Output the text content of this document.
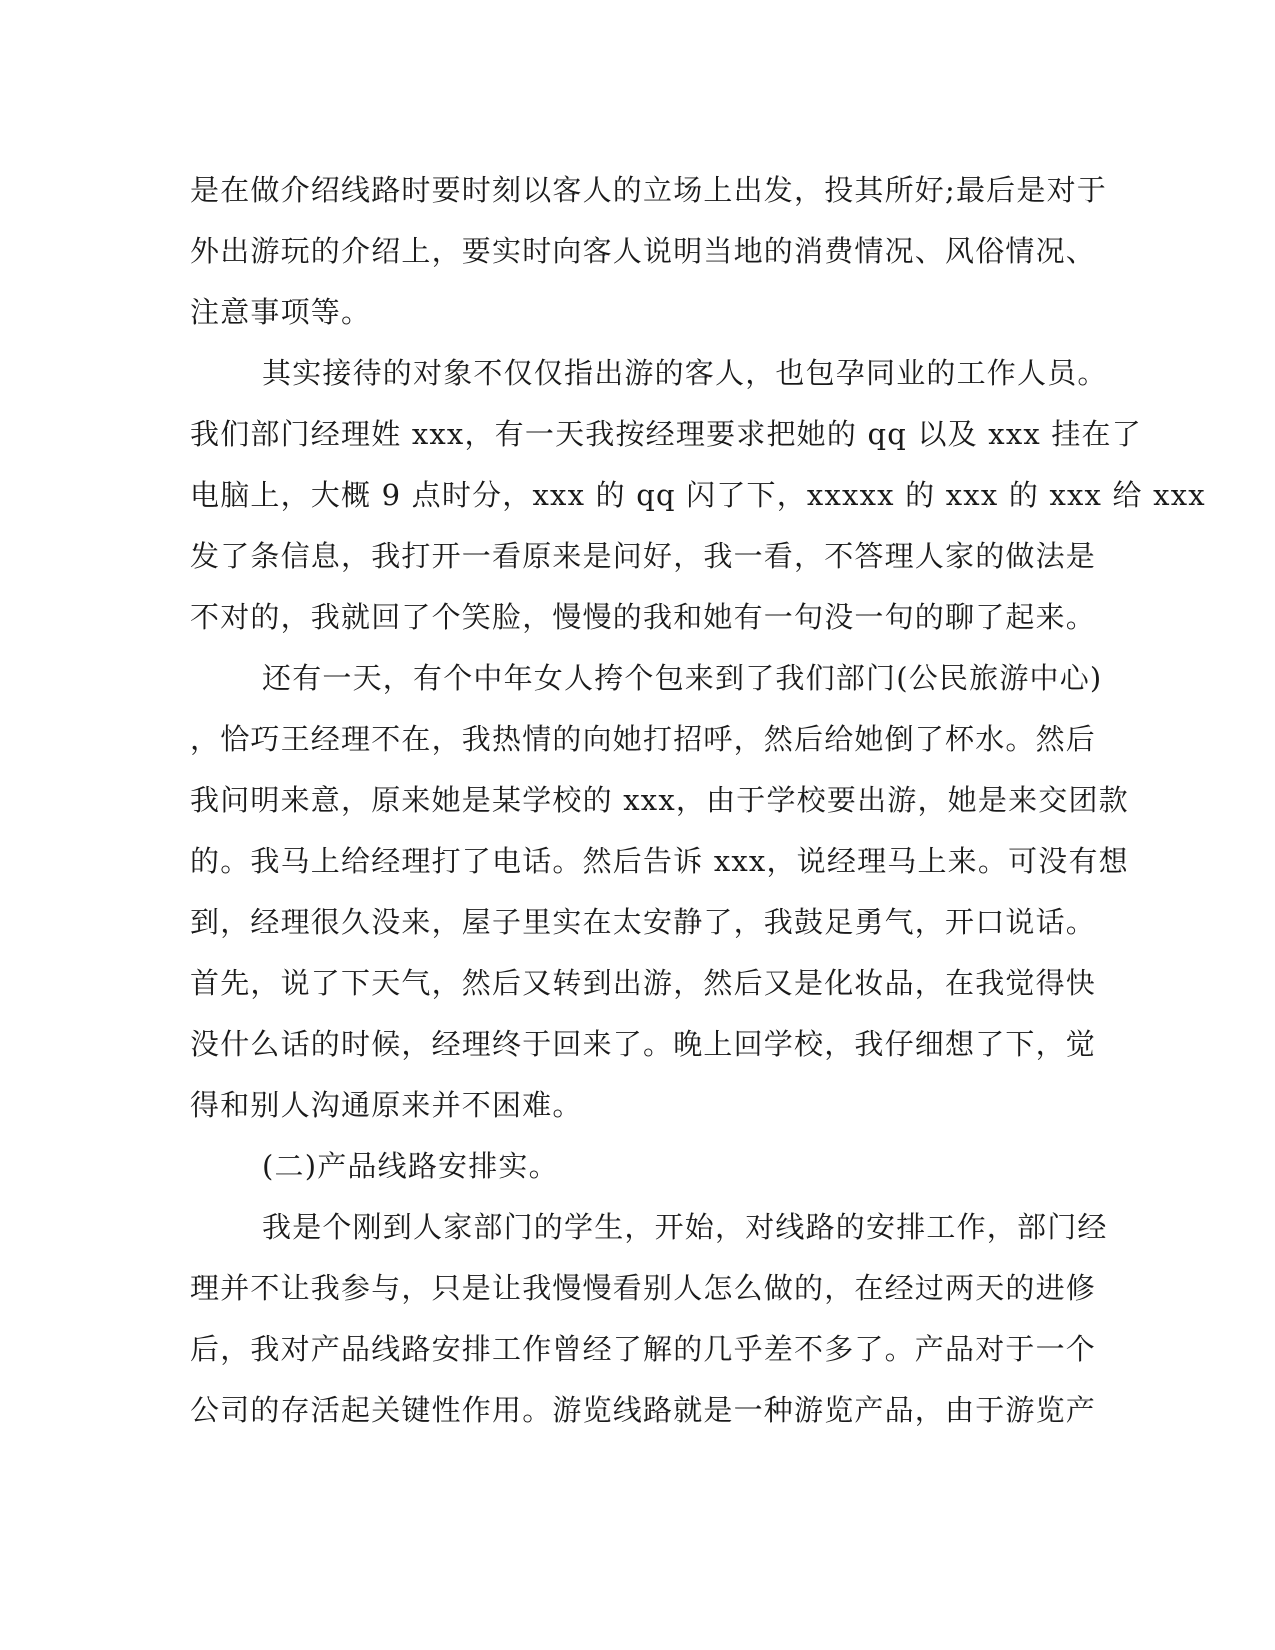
是在做介绍线路时要时刻以客人的立场上出发，投其所好;最后是对于
外出游玩的介绍上，要实时向客人说明当地的消费情况、风俗情况、
注意事项等。
其实接待的对象不仅仅指出游的客人，也包孕同业的工作人员。
我们部门经理姓 xxx，有一天我按经理要求把她的 qq 以及 xxx 挂在了
电脑上，大概 9 点时分，xxx 的 qq 闪了下，xxxxx 的 xxx 的 xxx 给 xxx
发了条信息，我打开一看原来是问好，我一看，不答理人家的做法是
不对的，我就回了个笑脸，慢慢的我和她有一句没一句的聊了起来。
还有一天，有个中年女人挎个包来到了我们部门(公民旅游中心)
，恰巧王经理不在，我热情的向她打招呼，然后给她倒了杯水。然后
我问明来意，原来她是某学校的 xxx，由于学校要出游，她是来交团款
的。我马上给经理打了电话。然后告诉 xxx，说经理马上来。可没有想
到，经理很久没来，屋子里实在太安静了，我鼓足勇气，开口说话。
首先，说了下天气，然后又转到出游，然后又是化妆品，在我觉得快
没什么话的时候，经理终于回来了。晚上回学校，我仔细想了下，觉
得和别人沟通原来并不困难。
(二)产品线路安排实。
我是个刚到人家部门的学生，开始，对线路的安排工作，部门经
理并不让我参与，只是让我慢慢看别人怎么做的，在经过两天的进修
后，我对产品线路安排工作曾经了解的几乎差不多了。产品对于一个
公司的存活起关键性作用。游览线路就是一种游览产品，由于游览产
